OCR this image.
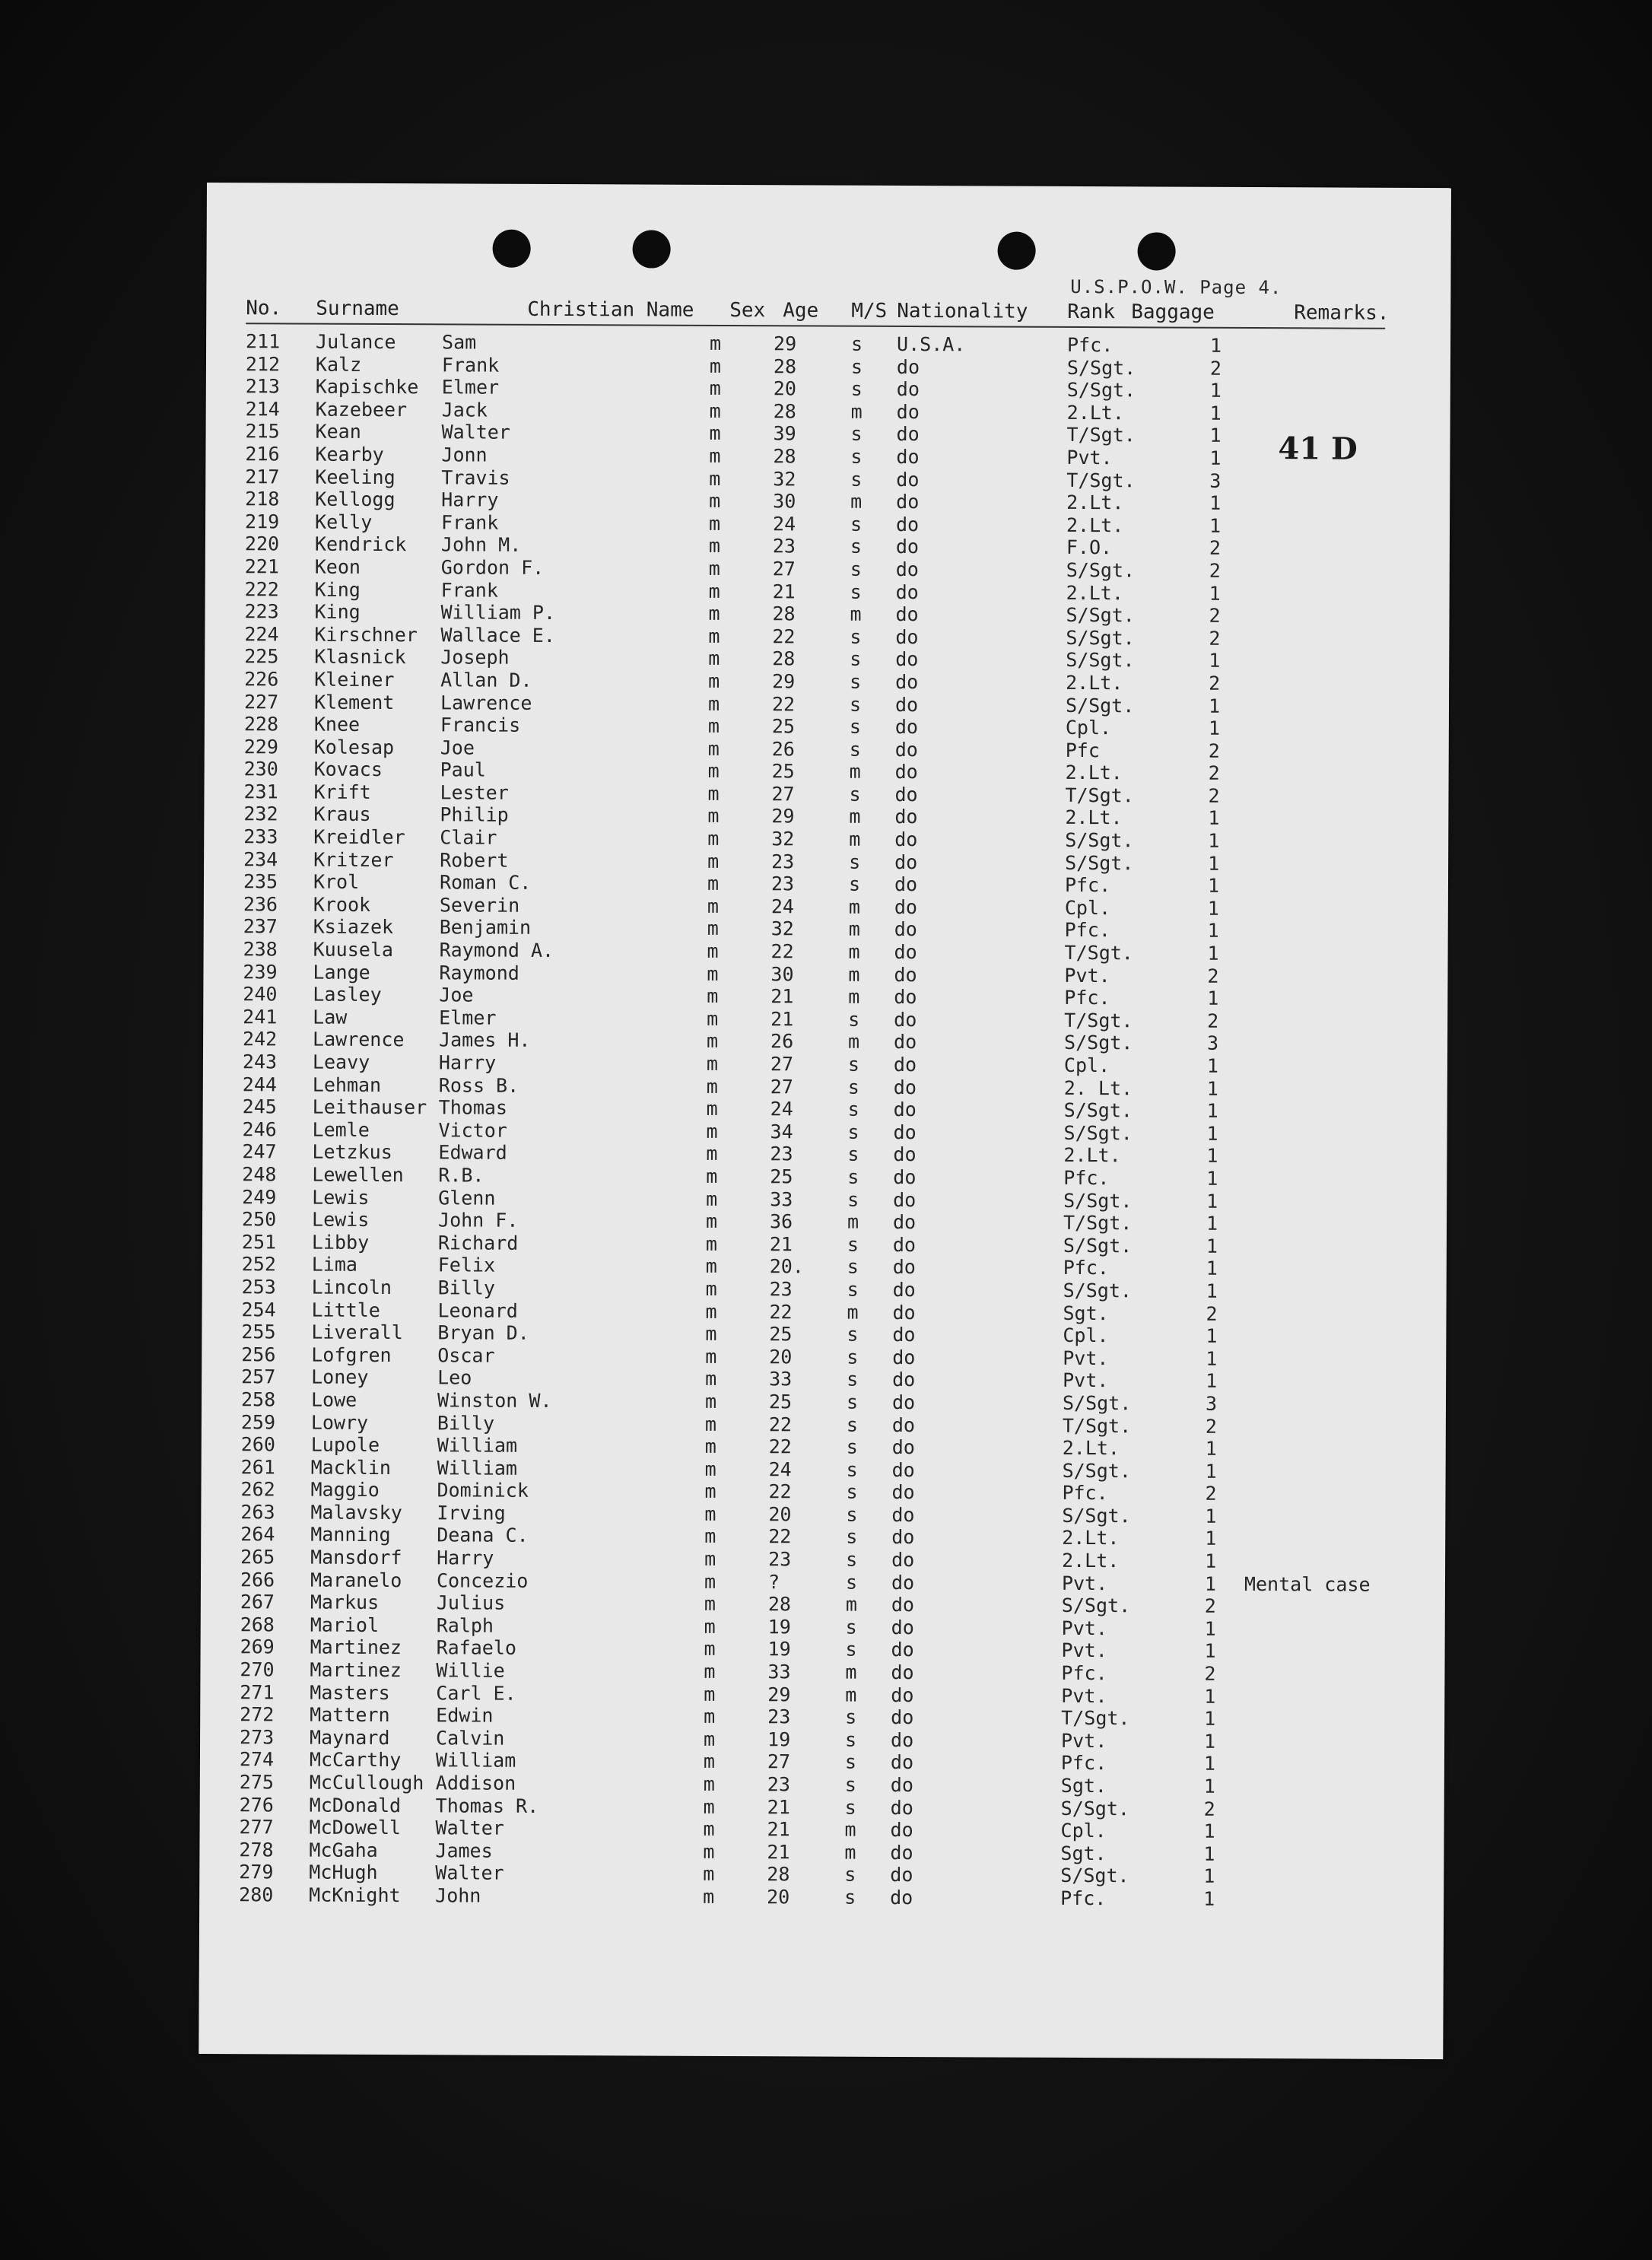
U.S.P.O.W. Page 4.
41 D
No. Surname	Christian Name Sex Age M/S Nationality Rank Baggage	Remarks.
211 Julance Sam	m	29	s U.S.A.	Pfc.	1
212 Kalz	Frank	m	28	s do	S/Sgt.	2
213 Kapischke Elmer	m	20	s do	S/Sgt.	1
214 Kazebeer Jack	m	28	m do	2.Lt.	1
215 Kean	Walter	m	39	s do	T/Sgt.	1
216 Kearby	Jonn	m	28	s do	Pvt.	1
217 Keeling Travis	m	32	s do	T/Sgt.	3
218 Kellogg Harry	m	30	m do	2.Lt.	1
219 Kelly	Frank	m	24	s do	2.Lt.	1
220 Kendrick John M.	m	23	s do	F.O.	2
221 Keon	Gordon F.	m	27	s do	S/Sgt.	2
222 King	Frank	m	21	s do	2.Lt.	1
223 King	William P.	m	28	m do	S/Sgt.	2
224 Kirschner Wallace E.	m	22	s do	S/Sgt.	2
225 Klasnick Joseph	m	28	s do	S/Sgt.	1
226 Kleiner Allan D.	m	29	s do	2.Lt.	2
227 Klement Lawrence	m	22	s do	S/Sgt.	1
228 Knee	Francis	m	25	s do	Cpl.	1
229 Kolesap Joe	m	26	s do	Pfc	2
230 Kovacs	Paul	m	25	m do	2.Lt.	2
231 Krift	Lester	m	27	s do	T/Sgt.	2
232 Kraus	Philip	m	29	m do	2.Lt.	1
233 Kreidler Clair	m	32	m do	S/Sgt.	1
234 Kritzer Robert	m	23	s do	S/Sgt.	1
235 Krol	Roman C.	m	23	s do	Pfc.	1
236 Krook	Severin	m	24	m do	Cpl.	1
237 Ksiazek Benjamin	m	32	m do	Pfc.	1
238 Kuusela Raymond A.	m	22	m do	T/Sgt.	1
239 Lange	Raymond	m	30	m do	Pvt.	2
240 Lasley	Joe	m	21	m do	Pfc.	1
241 Law	Elmer	m	21	s do	T/Sgt.	2
242 Lawrence James H.	m	26	m do	S/Sgt.	3
243 Leavy	Harry	m	27	s do	Cpl.	1
244 Lehman	Ross B.	m	27	s do	2. Lt.	1
245 Leithauser Thomas	m	24	s do	S/Sgt.	1
246 Lemle	Victor	m	34	s do	S/Sgt.	1
247 Letzkus Edward	m	23	s do	2.Lt.	1
248 Lewellen R.B.	m	25	s do	Pfc.	1
249 Lewis	Glenn	m	33	s do	S/Sgt.	1
250 Lewis	John F.	m	36	m do	T/Sgt.	1
251 Libby	Richard	m	21	s do	S/Sgt.	1
252 Lima	Felix	m	20. s do	Pfc.	1
253 Lincoln Billy	m	23	s do	S/Sgt.	1
254 Little	Leonard	m	22	m do	Sgt.	2
255 Liverall Bryan D.	m	25	s do	Cpl.	1
256 Lofgren Oscar	m	20	s do	Pvt.	1
257 Loney	Leo	m	33	s do	Pvt.	1
258 Lowe	Winston W.	m	25	s do	S/Sgt.	3
259 Lowry	Billy	m	22	s do	T/Sgt.	2
260 Lupole	William	m	22	s do	2.Lt.	1
261 Macklin William	m	24	s do	S/Sgt.	1
262 Maggio	Dominick	m	22	s do	Pfc.	2
263 Malavsky Irving	m	20	s do	S/Sgt.	1
264 Manning Deana C.	m	22	s do	2.Lt.	1
265 Mansdorf Harry	m	23	s do	2.Lt.	1
266 Maranelo Concezio	m	?	s do	Pvt.	1 Mental case
267 Markus	Julius	m	28	m do	S/Sgt.	2
268 Mariol	Ralph	m	19	s do	Pvt.	1
269 Martinez Rafaelo	m	19	s do	Pvt.	1
270 Martinez Willie	m	33	m do	Pfc.	2
271 Masters Carl E.	m	29	m do	Pvt.	1
272 Mattern Edwin	m	23	s do	T/Sgt.	1
273 Maynard Calvin	m	19	s do	Pvt.	1
274 McCarthy William	m	27	s do	Pfc.	1
275 McCullough Addison	m	23	s do	Sgt.	1
276 McDonald Thomas R.	m	21	s do	S/Sgt.	2
277 McDowell Walter	m	21	m do	Cpl.	1
278 McGaha	James	m	21	m do	Sgt.	1
279 McHugh	Walter	m	28	s do	S/Sgt.	1
280 McKnight John	m	20	s do	Pfc.	1
